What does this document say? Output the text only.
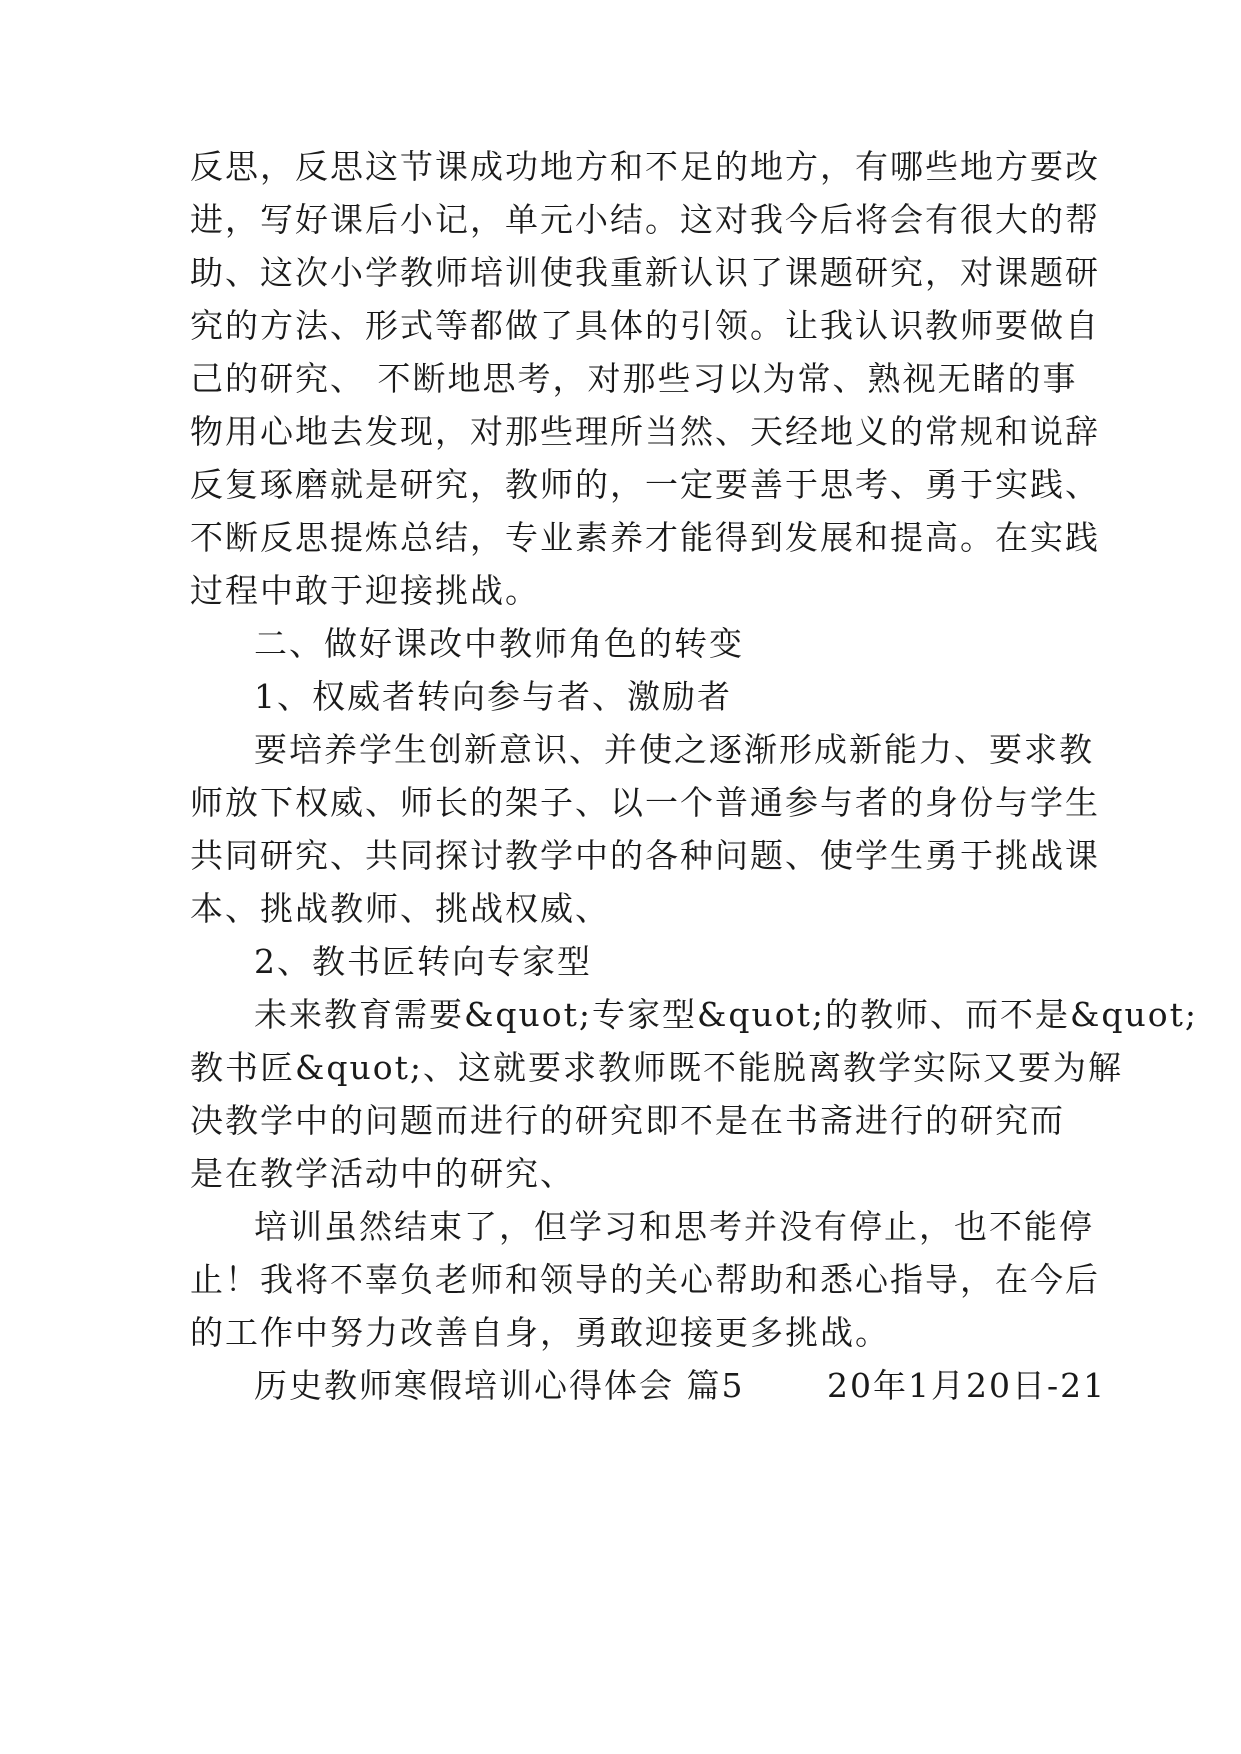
反思，反思这节课成功地方和不足的地方，有哪些地方要改
进，写好课后小记，单元小结。这对我今后将会有很大的帮
助、这次小学教师培训使我重新认识了课题研究，对课题研
究的方法、形式等都做了具体的引领。让我认识教师要做自
己的研究、 不断地思考，对那些习以为常、熟视无睹的事
物用心地去发现，对那些理所当然、天经地义的常规和说辞
反复琢磨就是研究，教师的，一定要善于思考、勇于实践、
不断反思提炼总结，专业素养才能得到发展和提高。在实践
过程中敢于迎接挑战。
二、做好课改中教师角色的转变
1、权威者转向参与者、激励者
要培养学生创新意识、并使之逐渐形成新能力、要求教
师放下权威、师长的架子、以一个普通参与者的身份与学生
共同研究、共同探讨教学中的各种问题、使学生勇于挑战课
本、挑战教师、挑战权威、
2、教书匠转向专家型
未来教育需要&quot;专家型&quot;的教师、而不是&quot;
教书匠&quot;、这就要求教师既不能脱离教学实际又要为解
决教学中的问题而进行的研究即不是在书斋进行的研究而
是在教学活动中的研究、
培训虽然结束了，但学习和思考并没有停止，也不能停
止！我将不辜负老师和领导的关心帮助和悉心指导，在今后
的工作中努力改善自身，勇敢迎接更多挑战。
历史教师寒假培训心得体会 篇5　　 20年1月20日-21
